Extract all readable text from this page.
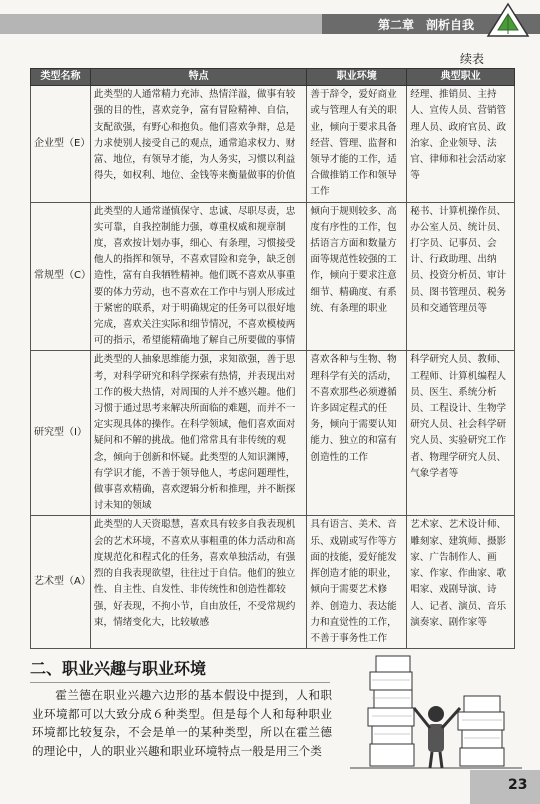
第二章　剖析自我
续表
类型名称	特点	职业环境	典型职业
企业型（E）	此类型的人通常精力充沛、热情洋溢，做事有较强的目的性，喜欢竞争，富有冒险精神、自信，支配欲强，有野心和抱负。他们喜欢争辩，总是力求使别人接受自己的观点，通常追求权力、财富、地位，有领导才能，为人务实，习惯以利益得失，如权利、地位、金钱等来衡量做事的价值	善于辞令，爱好商业或与管理人有关的职业，倾向于要求具备经营、管理、监督和领导才能的工作，适合做推销工作和领导工作	经理、推销员、主持人、宣传人员、营销管理人员、政府官员、政治家、企业领导、法官、律师和社会活动家等
常规型（C）	此类型的人通常谨慎保守、忠诚、尽职尽责，忠实可靠，自我控制能力强，尊重权威和规章制度，喜欢按计划办事，细心、有条理，习惯接受他人的指挥和领导，不喜欢冒险和竞争，缺乏创造性，富有自我牺牲精神。他们既不喜欢从事重要的体力劳动，也不喜欢在工作中与别人形成过于紧密的联系，对于明确规定的任务可以很好地完成，喜欢关注实际和细节情况，不喜欢模棱两可的指示，希望能精确地了解自己所要做的事情	倾向于规则较多、高度有序性的工作，包括语言方面和数量方面等规范性较强的工作，倾向于要求注意细节、精确度、有系统、有条理的职业	秘书、计算机操作员、办公室人员、统计员、打字员、记事员、会计、行政助理、出纳员、投资分析员、审计员、图书管理员、税务员和交通管理员等
研究型（I）	此类型的人抽象思维能力强，求知欲强，善于思考，对科学研究和科学探索有热情，并表现出对工作的极大热情，对周围的人并不感兴趣。他们习惯于通过思考来解决所面临的难题，而并不一定实现具体的操作。在科学领域，他们喜欢面对疑问和不解的挑战。他们常常具有非传统的观念，倾向于创新和怀疑。此类型的人知识渊博，有学识才能，不善于领导他人，考虑问题理性，做事喜欢精确，喜欢逻辑分析和推理，并不断探讨未知的领域	喜欢各种与生物、物理科学有关的活动，不喜欢那些必须遵循许多固定程式的任务，倾向于需要认知能力、独立的和富有创造性的工作	科学研究人员、教师、工程师、计算机编程人员、医生、系统分析员、工程设计、生物学研究人员、社会科学研究人员、实验研究工作者、物理学研究人员、气象学者等
艺术型（A）	此类型的人天资聪慧，喜欢具有较多自我表现机会的艺术环境，不喜欢从事粗重的体力活动和高度规范化和程式化的任务，喜欢单独活动，有强烈的自我表现欲望，往往过于自信。他们的独立性、自主性、自发性、非传统性和创造性都较强，好表现，不拘小节，自由放任，不受常规约束，情绪变化大，比较敏感	具有语言、美术、音乐、戏剧或写作等方面的技能，爱好能发挥创造才能的职业，倾向于需要艺术修养、创造力、表达能力和直觉性的工作，不善于事务性工作	艺术家、艺术设计师、雕刻家、建筑师、摄影家、广告制作人、画家、作家、作曲家、歌唱家、戏剧导演、诗人、记者、演员、音乐演奏家、剧作家等
二、职业兴趣与职业环境

霍兰德在职业兴趣六边形的基本假设中提到，人和职业环境都可以大致分成６种类型。但是每个人和每种职业环境都比较复杂，不会是单一的某种类型，所以在霍兰德的理论中，人的职业兴趣和职业环境特点一般是用三个类

23
